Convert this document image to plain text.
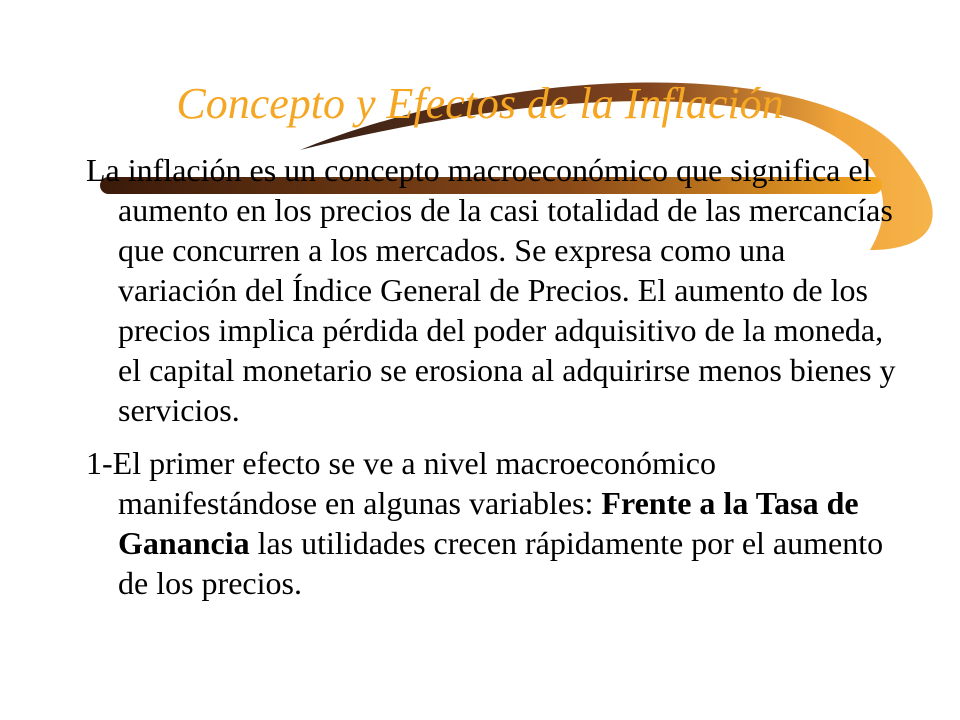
Concepto y Efectos de la Inflación

La inflación es un concepto macroeconómico que significa el aumento en los precios de la casi totalidad de las mercancías que concurren a los mercados. Se expresa como una variación del Índice General de Precios. El aumento de los precios implica pérdida del poder adquisitivo de la moneda, el capital monetario se erosiona al adquirirse menos bienes y servicios.

1-El primer efecto se ve a nivel macroeconómico manifestándose en algunas variables: Frente a la Tasa de Ganancia las utilidades crecen rápidamente por el aumento de los precios.
